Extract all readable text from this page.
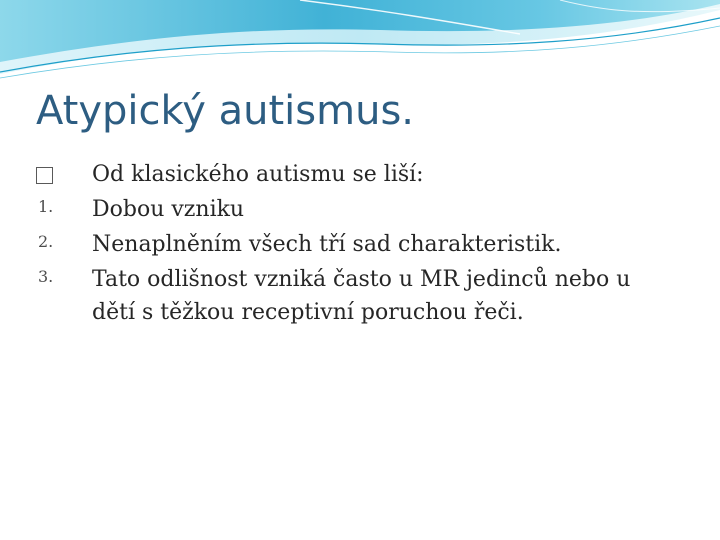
Atypický autismus.
Od klasického autismu se liší:
1. Dobou vzniku
2. Nenaplněním všech tří sad charakteristik.
3. Tato odlišnost vzniká často u MR jedinců nebo u dětí s těžkou receptivní poruchou řeči.
